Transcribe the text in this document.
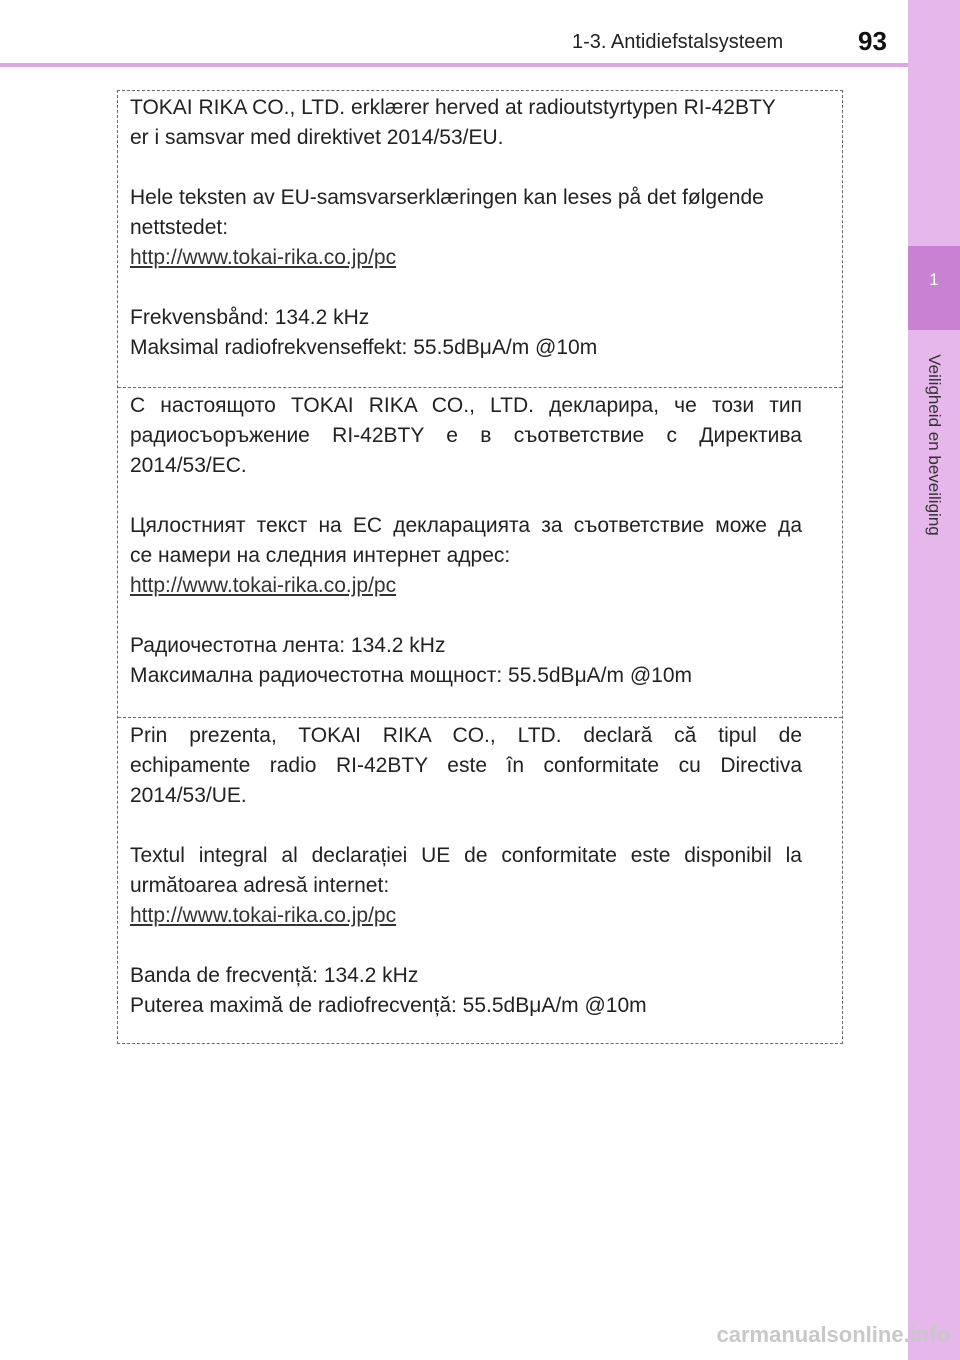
1-3. Antidiefstalsysteem	93
1
Veiligheid en beveiliging
TOKAI RIKA CO., LTD. erklærer herved at radioutstyrtypen RI-42BTY
er i samsvar med direktivet 2014/53/EU.
Hele teksten av EU-samsvarserklæringen kan leses på det følgende
nettstedet:
http://www.tokai-rika.co.jp/pc
Frekvensbånd: 134.2 kHz
Maksimal radiofrekvenseffekt: 55.5dBμA/m @10m
С настоящото TOKAI RIKA CO., LTD. декларира, че този тип
радиосъоръжение RI-42BTY е в съответствие с Директива
2014/53/ЕС.
Цялостният текст на ЕС декларацията за съответствие може да
се намери на следния интернет адрес:
http://www.tokai-rika.co.jp/pc
Радиочестотна лента: 134.2 kHz
Максимална радиочестотна мощност: 55.5dBμA/m @10m
Prin prezenta, TOKAI RIKA CO., LTD. declară că tipul de
echipamente radio RI-42BTY este în conformitate cu Directiva
2014/53/UE.
Textul integral al declarației UE de conformitate este disponibil la
următoarea adresă internet:
http://www.tokai-rika.co.jp/pc
Banda de frecvență: 134.2 kHz
Puterea maximă de radiofrecvență: 55.5dBμA/m @10m
carmanualsonline.info
